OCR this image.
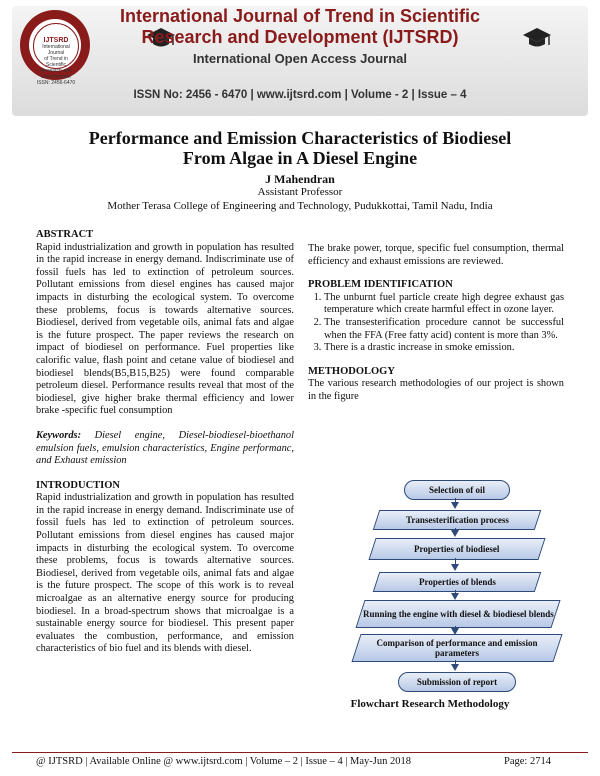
IJTSRD
International Journal
of Trend in Scientific
Research and
Development
ISSN: 2456-6470
International Journal of Trend in Scientific
Research and Development (IJTSRD)
International Open Access Journal
ISSN No: 2456 - 6470 | www.ijtsrd.com | Volume - 2 | Issue – 4
Performance and Emission Characteristics of Biodiesel
From Algae in A Diesel Engine
J Mahendran
Assistant Professor
Mother Terasa College of Engineering and Technology, Pudukkottai, Tamil Nadu, India

ABSTRACT

Rapid industrialization and growth in population has resulted in the rapid increase in energy demand. Indiscriminate use of fossil fuels has led to extinction of petroleum sources. Pollutant emissions from diesel engines has caused major impacts in disturbing the ecological system. To overcome these problems, focus is towards alternative sources. Biodiesel, derived from vegetable oils, animal fats and algae is the future prospect. The paper reviews the research on impact of biodiesel on performance. Fuel properties like calorific value, flash point and cetane value of biodiesel and biodiesel blends(B5,B15,B25) were found comparable petroleum diesel. Performance results reveal that most of the biodiesel, give higher brake thermal efficiency and lower brake -specific fuel consumption

Keywords: Diesel engine, Diesel-biodiesel-bioethanol emulsion fuels, emulsion characteristics, Engine performanc, and Exhaust emission

INTRODUCTION

Rapid industrialization and growth in population has resulted in the rapid increase in energy demand. Indiscriminate use of fossil fuels has led to extinction of petroleum sources. Pollutant emissions from diesel engines has caused major impacts in disturbing the ecological system. To overcome these problems, focus is towards alternative sources. Biodiesel, derived from vegetable oils, animal fats and algae is the future prospect. The scope of this work is to reveal microalgae as an alternative energy source for producing biodiesel. In a broad-spectrum shows that microalgae is a sustainable energy source for biodiesel. This present paper evaluates the combustion, performance, and emission characteristics of bio fuel and its blends with diesel.

The brake power, torque, specific fuel consumption, thermal efficiency and exhaust emissions are reviewed.

PROBLEM IDENTIFICATION

1. The unburnt fuel particle create high degree exhaust gas temperature which create harmful effect in ozone layer.
2. The transesterification procedure cannot be successful when the FFA (Free fatty acid) content is more than 3%.
3. There is a drastic increase in smoke emission.

METHODOLOGY

The various research methodologies of our project is shown in the figure

Selection of oil
Transesterification process
Properties of biodiesel
Properties of blends
Running the engine with diesel & biodiesel blends
Comparison of performance and emission parameters
Submission of report
Flowchart Research Methodology
@ IJTSRD | Available Online @ www.ijtsrd.com | Volume – 2 | Issue – 4 | May-Jun 2018	Page: 2714
